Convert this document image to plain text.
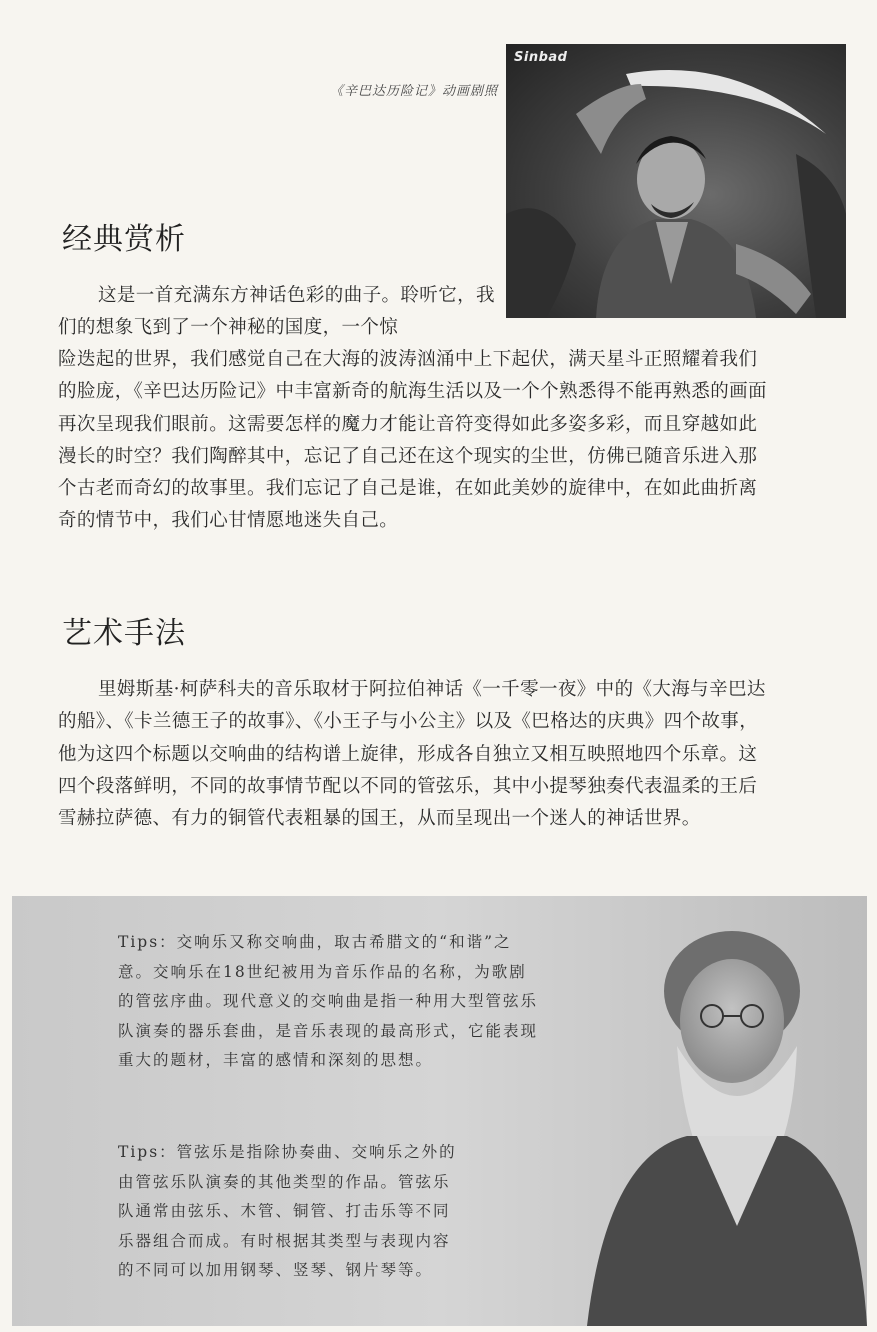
Sinbad
《辛巴达历险记》动画剧照
经典赏析

这是一首充满东方神话色彩的曲子。聆听它，我们的想象飞到了一个神秘的国度，一个惊

险迭起的世界，我们感觉自己在大海的波涛汹涌中上下起伏，满天星斗正照耀着我们的脸庞，《辛巴达历险记》中丰富新奇的航海生活以及一个个熟悉得不能再熟悉的画面再次呈现我们眼前。这需要怎样的魔力才能让音符变得如此多姿多彩，而且穿越如此漫长的时空？我们陶醉其中，忘记了自己还在这个现实的尘世，仿佛已随音乐进入那个古老而奇幻的故事里。我们忘记了自己是谁，在如此美妙的旋律中，在如此曲折离奇的情节中，我们心甘情愿地迷失自己。

艺术手法

里姆斯基·柯萨科夫的音乐取材于阿拉伯神话《一千零一夜》中的《大海与辛巴达的船》、《卡兰德王子的故事》、《小王子与小公主》以及《巴格达的庆典》四个故事，他为这四个标题以交响曲的结构谱上旋律，形成各自独立又相互映照地四个乐章。这四个段落鲜明，不同的故事情节配以不同的管弦乐，其中小提琴独奏代表温柔的王后雪赫拉萨德、有力的铜管代表粗暴的国王，从而呈现出一个迷人的神话世界。

Tips：交响乐又称交响曲，取古希腊文的“和谐”之意。交响乐在18世纪被用为音乐作品的名称，为歌剧的管弦序曲。现代意义的交响曲是指一种用大型管弦乐队演奏的器乐套曲，是音乐表现的最高形式，它能表现重大的题材，丰富的感情和深刻的思想。

Tips：管弦乐是指除协奏曲、交响乐之外的由管弦乐队演奏的其他类型的作品。管弦乐队通常由弦乐、木管、铜管、打击乐等不同乐器组合而成。有时根据其类型与表现内容的不同可以加用钢琴、竖琴、钢片琴等。
